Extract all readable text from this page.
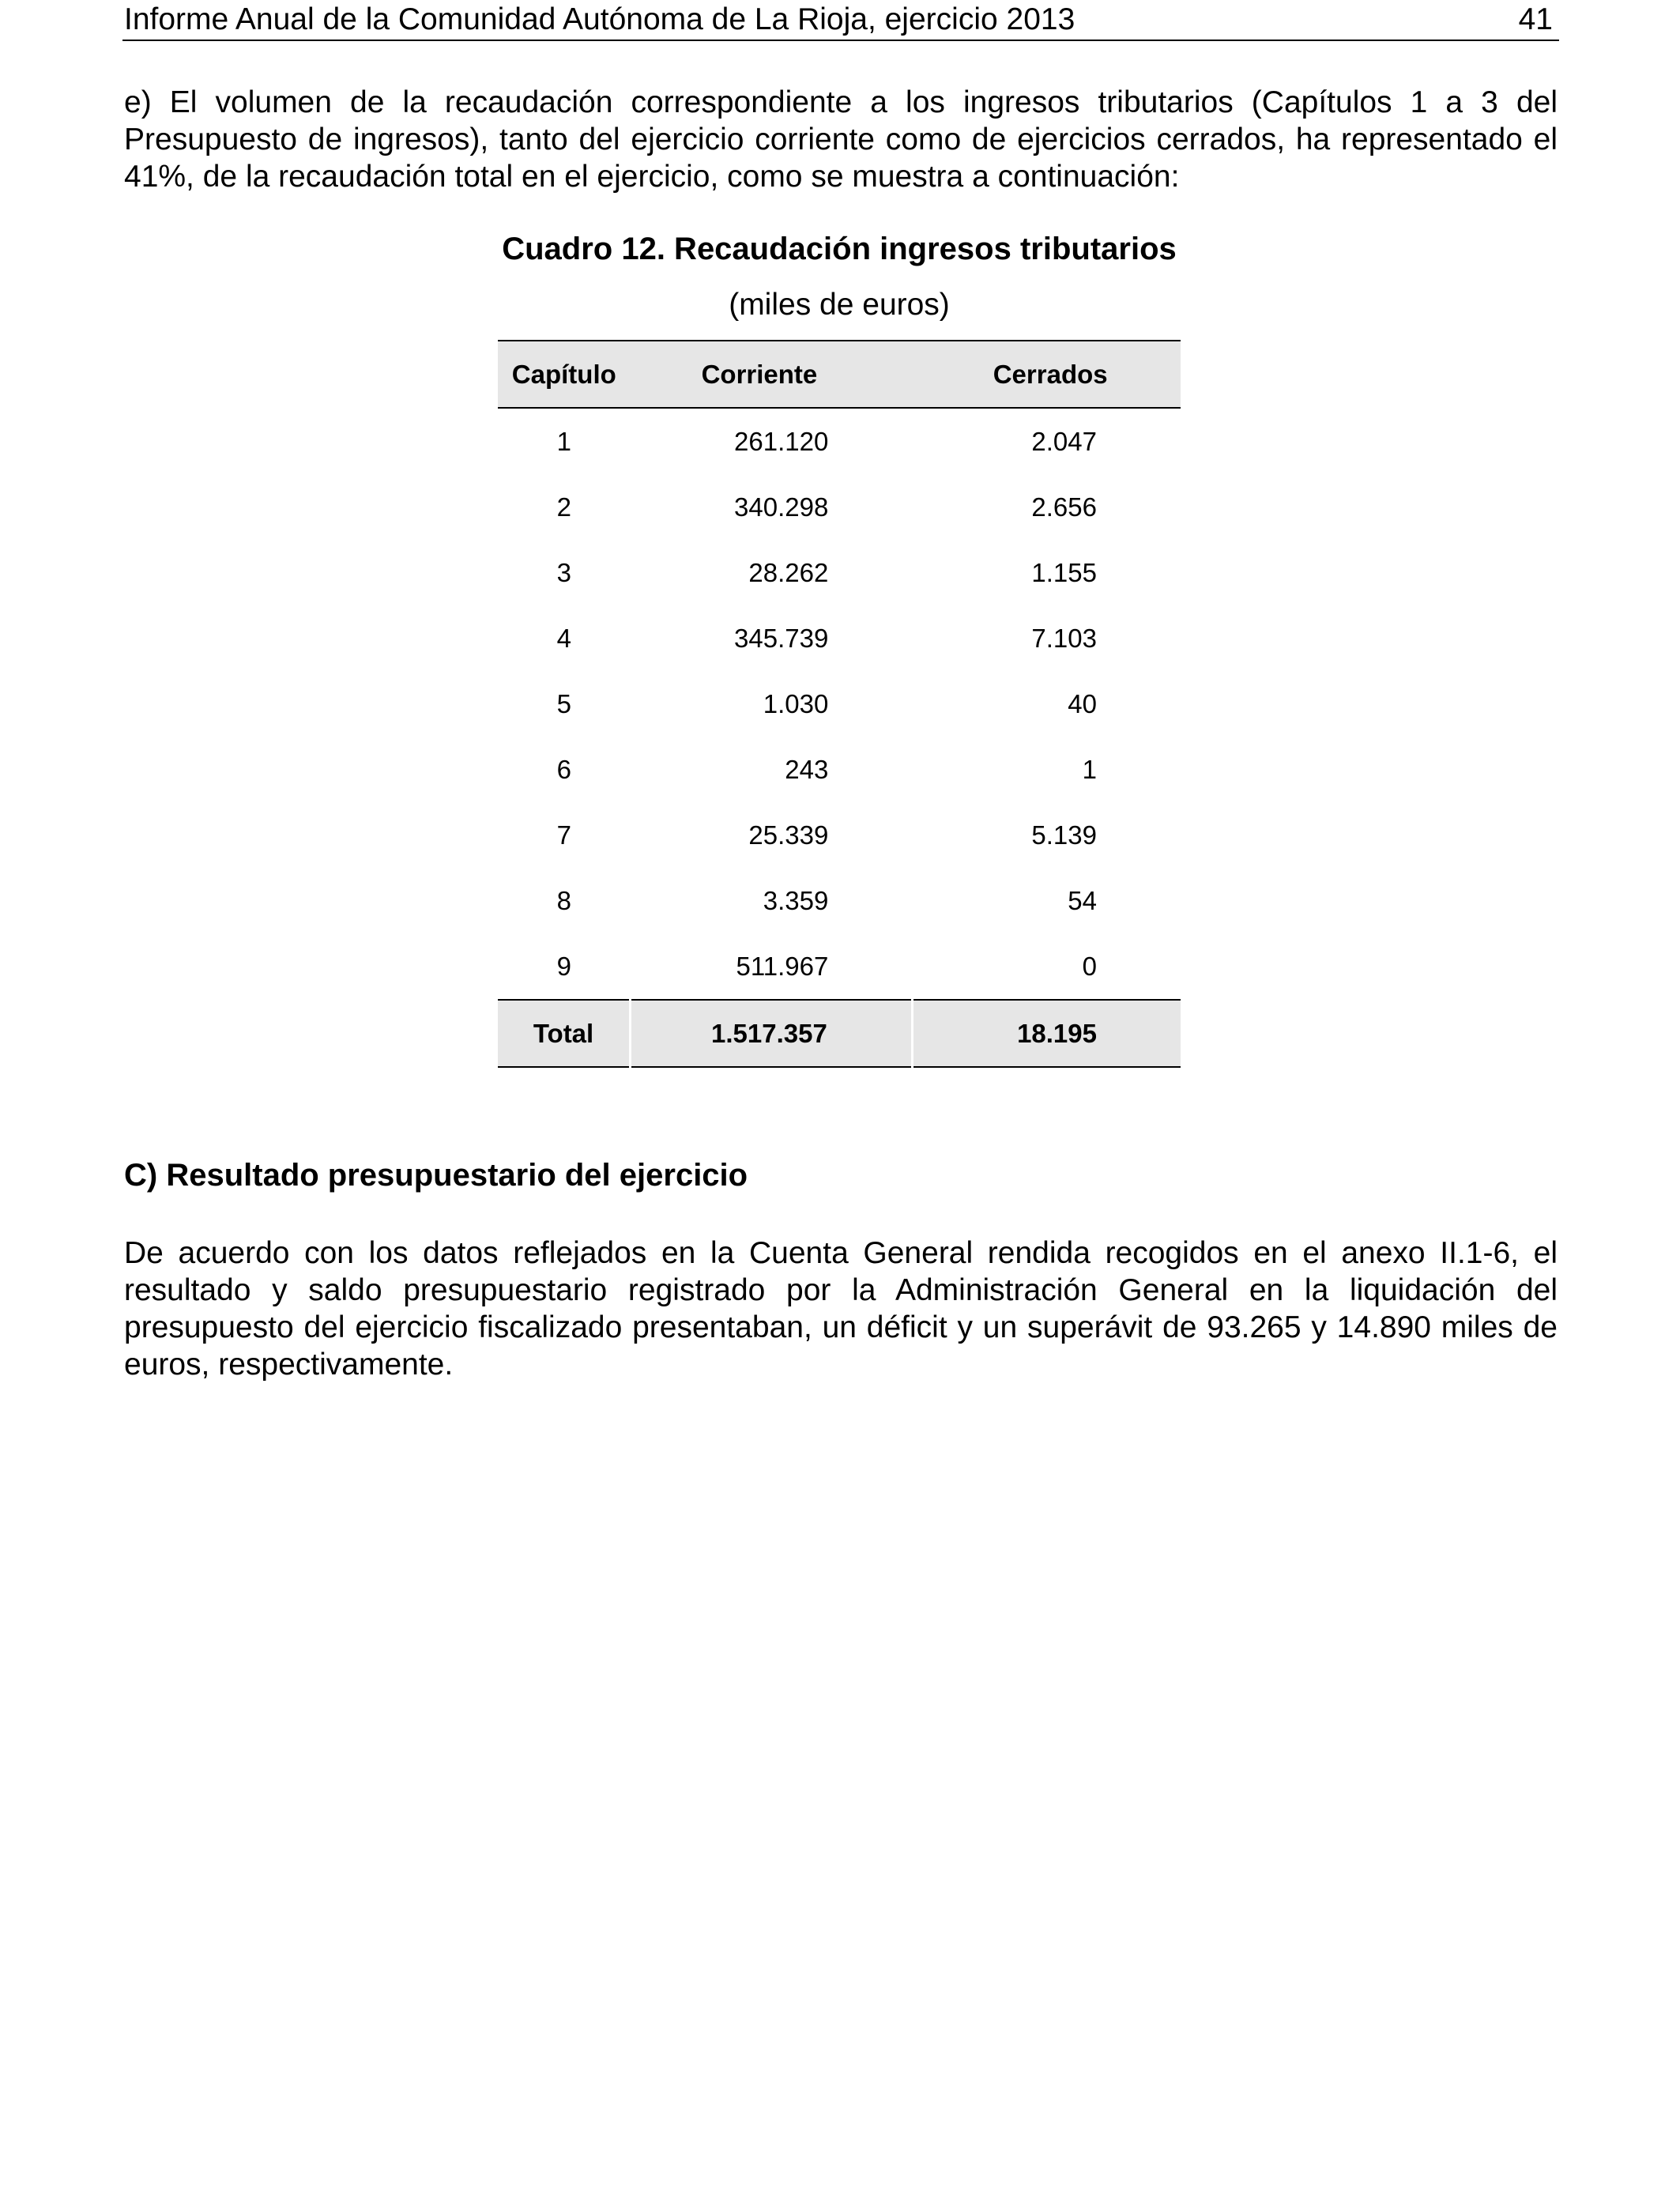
Informe Anual de la Comunidad Autónoma de La Rioja, ejercicio 2013	41

e) El volumen de la recaudación correspondiente a los ingresos tributarios (Capítulos 1 a 3 del Presupuesto de ingresos), tanto del ejercicio corriente como de ejercicios cerrados, ha representado el 41%, de la recaudación total en el ejercicio, como se muestra a continuación:

Cuadro 12. Recaudación ingresos tributarios
(miles de euros)
Capítulo	Corriente	Cerrados
1	261.120	2.047
2	340.298	2.656
3	28.262	1.155
4	345.739	7.103
5	1.030	40
6	243	1
7	25.339	5.139
8	3.359	54
9	511.967	0
Total	1.517.357	18.195
C) Resultado presupuestario del ejercicio

De acuerdo con los datos reflejados en la Cuenta General rendida recogidos en el anexo II.1-6, el resultado y saldo presupuestario registrado por la Administración General en la liquidación del presupuesto del ejercicio fiscalizado presentaban, un déficit y un superávit de 93.265 y 14.890 miles de euros, respectivamente.
